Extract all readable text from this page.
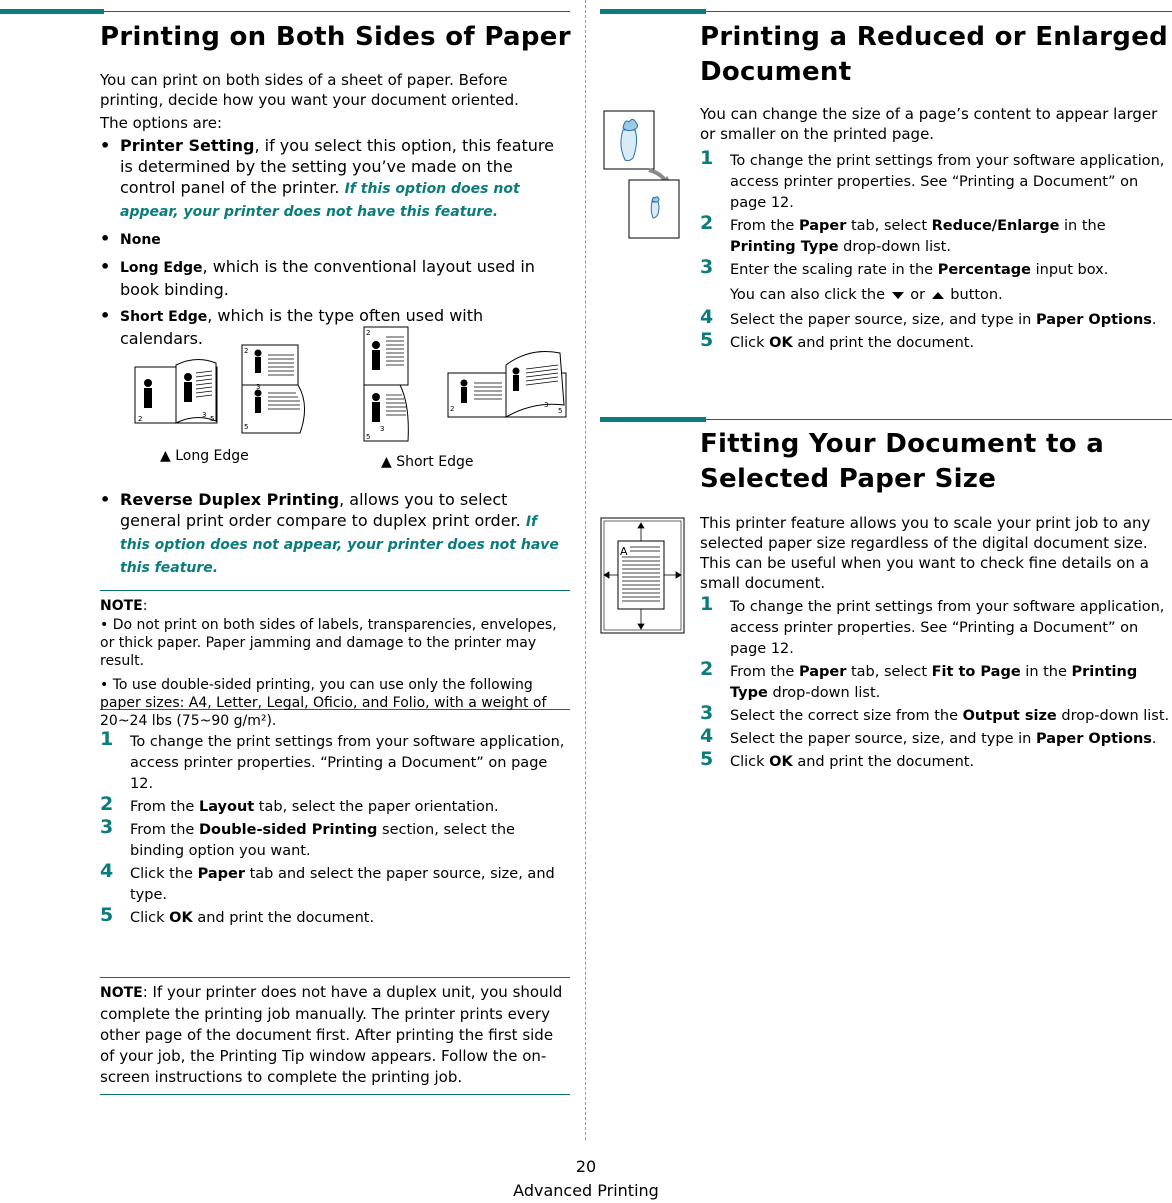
Printing on Both Sides of Paper

You can print on both sides of a sheet of paper. Before printing, decide how you want your document oriented.

The options are:

• Printer Setting, if you select this option, this feature is determined by the setting you’ve made on the control panel of the printer. If this option does not appear, your printer does not have this feature.
• None
• Long Edge, which is the conventional layout used in book binding.
• Short Edge, which is the type often used with calendars.
2	3 5
2
3
5
2
3
5
2	3
5
▲ Long Edge	▲ Short Edge
• Reverse Duplex Printing, allows you to select general print order compare to duplex print order. If this option does not appear, your printer does not have this feature.
NOTE:
• Do not print on both sides of labels, transparencies, envelopes, or thick paper. Paper jamming and damage to the printer may result.
• To use double-sided printing, you can use only the following paper sizes: A4, Letter, Legal, Oficio, and Folio, with a weight of 20~24 lbs (75~90 g/m²).
1 To change the print settings from your software application, access printer properties. “Printing a Document” on page 12.
2 From the Layout tab, select the paper orientation.
3 From the Double-sided Printing section, select the binding option you want.
4 Click the Paper tab and select the paper source, size, and type.
5 Click OK and print the document.
NOTE: If your printer does not have a duplex unit, you should complete the printing job manually. The printer prints every other page of the document first. After printing the first side of your job, the Printing Tip window appears. Follow the on-screen instructions to complete the printing job.
Printing a Reduced or Enlarged Document

You can change the size of a page’s content to appear larger or smaller on the printed page.

1 To change the print settings from your software application, access printer properties. See “Printing a Document” on page 12.
2 From the Paper tab, select Reduce/Enlarge in the Printing Type drop-down list.
3 Enter the scaling rate in the Percentage input box.
You can also click the  or  button.
4 Select the paper source, size, and type in Paper Options.
5 Click OK and print the document.
Fitting Your Document to a Selected Paper Size
A

This printer feature allows you to scale your print job to any selected paper size regardless of the digital document size. This can be useful when you want to check fine details on a small document.

1 To change the print settings from your software application, access printer properties. See “Printing a Document” on page 12.
2 From the Paper tab, select Fit to Page in the Printing Type drop-down list.
3 Select the correct size from the Output size drop-down list.
4 Select the paper source, size, and type in Paper Options.
5 Click OK and print the document.
20
Advanced Printing
